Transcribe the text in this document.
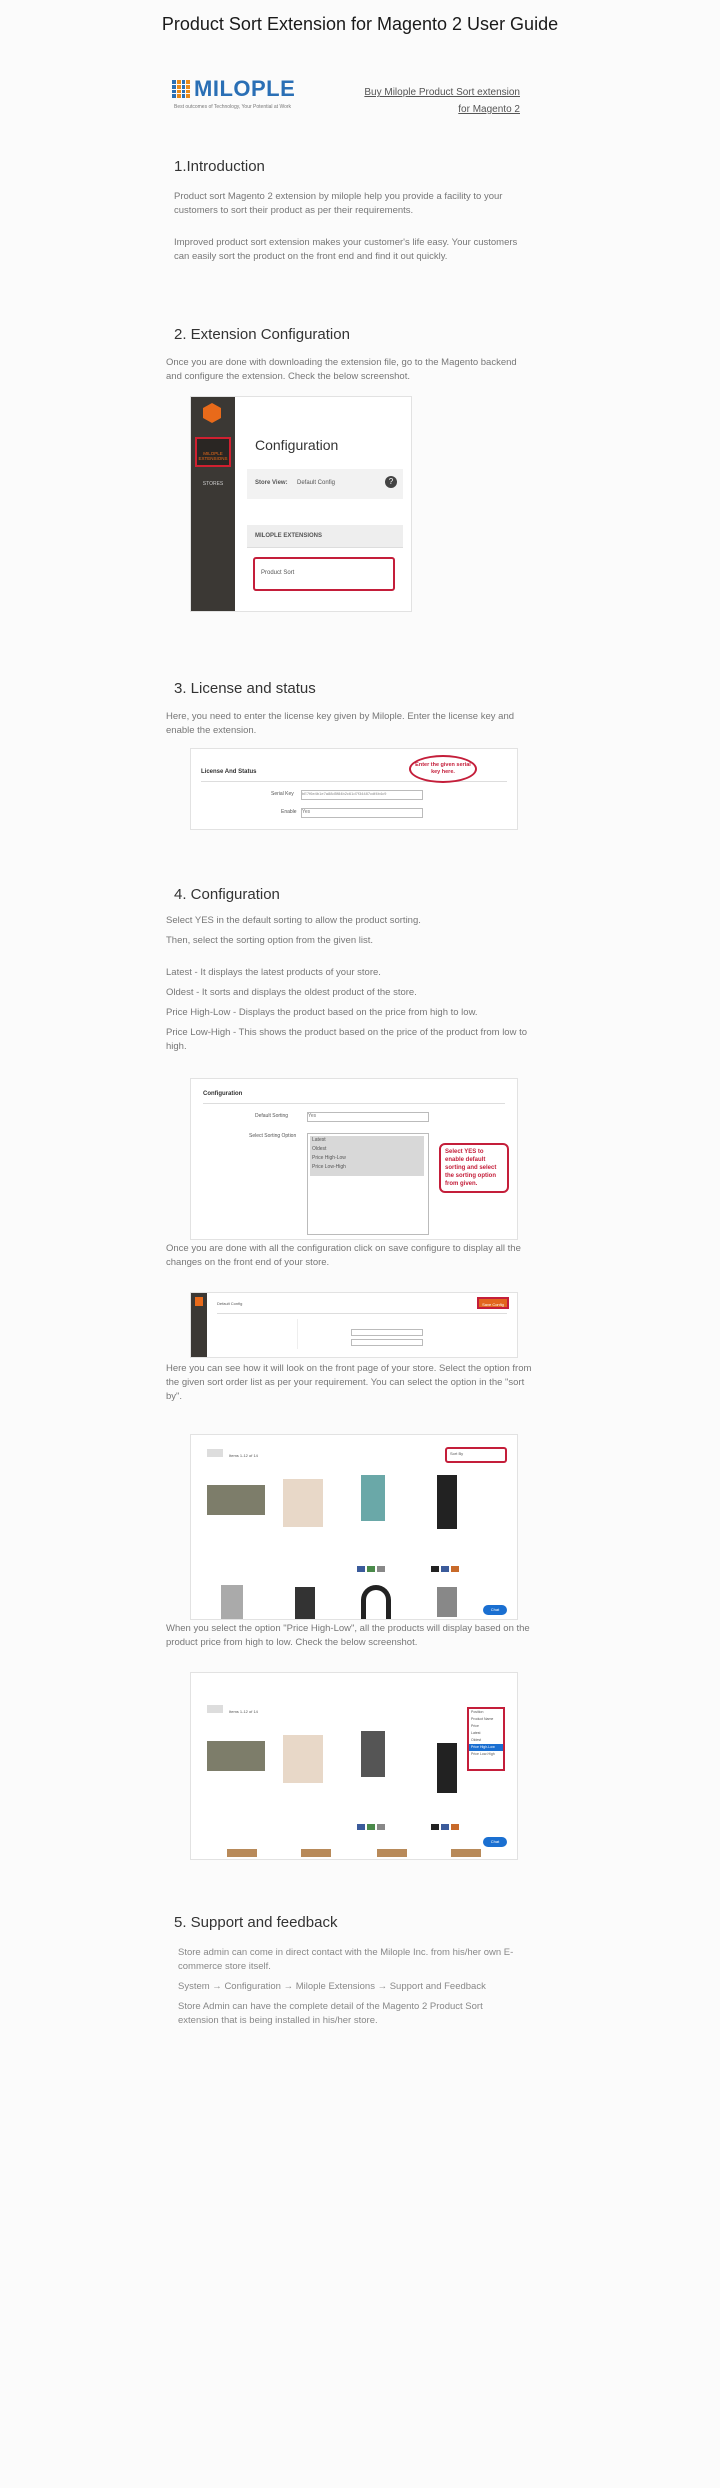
Product Sort Extension for Magento 2 User Guide
MILOPLE
Best outcomes of Technology, Your Potential at Work
Buy Milople Product Sort extension
for Magento 2
1.Introduction

Product sort Magento 2 extension by milople help you provide a facility to your customers to sort their product as per their requirements.

Improved product sort extension makes your customer's life easy. Your customers can easily sort the product on the front end and find it out quickly.

2. Extension Configuration

Once you are done with downloading the extension file, go to the Magento backend and configure the extension. Check the below screenshot.

MILOPLE EXTENSIONS
STORES
Configuration
Store View: Default Config	?
MILOPLE EXTENSIONS
Product Sort
3. License and status

Here, you need to enter the license key given by Milople. Enter the license key and enable the extension.

License And Status
Serial Key bE7f6e4b1e7a88d5f84b2c61d7f34487cdf4b4c9
Enable Yes
Enter the given serial key here.
4. Configuration

Select YES in the default sorting to allow the product sorting.

Then, select the sorting option from the given list.

Latest - It displays the latest products of your store.

Oldest - It sorts and displays the oldest product of the store.

Price High-Low - Displays the product based on the price from high to low.

Price Low-High - This shows the product based on the price of the product from low to high.

Configuration
Default Sorting	Yes
Select Sorting Option
Latest
Oldest
Price High-Low
Price Low-High
Select YES to enable default sorting and select the sorting option from given.

Once you are done with all the configuration click on save configure to display all the changes on the front end of your store.

Default Config	Save Config

Here you can see how it will look on the front page of your store. Select the option from the given sort order list as per your requirement. You can select the option in the "sort by".

Items 1-12 of 14	Sort By
Chat

When you select the option "Price High-Low", all the products will display based on the product price from high to low. Check the below screenshot.

Items 1-12 of 14	Position
Product Name
Price
Latest
Oldest
Price High-Low
Price Low-High
Chat
5. Support and feedback

Store admin can come in direct contact with the Milople Inc. from his/her own E-commerce store itself.

System → Configuration → Milople Extensions → Support and Feedback

Store Admin can have the complete detail of the Magento 2 Product Sort extension that is being installed in his/her store.
